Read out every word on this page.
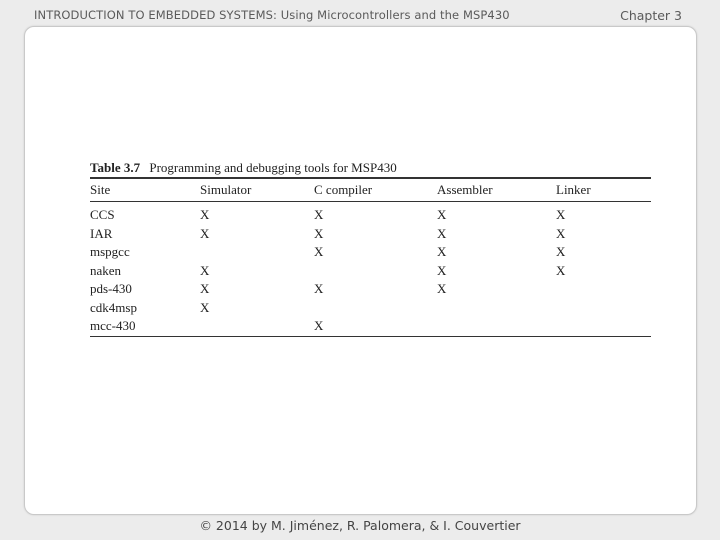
INTRODUCTION TO EMBEDDED SYSTEMS: Using Microcontrollers and the MSP430	Chapter 3
Table 3.7 Programming and debugging tools for MSP430
Site	Simulator	C compiler	Assembler	Linker
CCS	X	X	X	X
IAR	X	X	X	X
mspgcc		X	X	X
naken	X		X	X
pds-430	X	X	X	
cdk4msp	X			
mcc-430		X		
© 2014 by M. Jiménez, R. Palomera, & I. Couvertier
